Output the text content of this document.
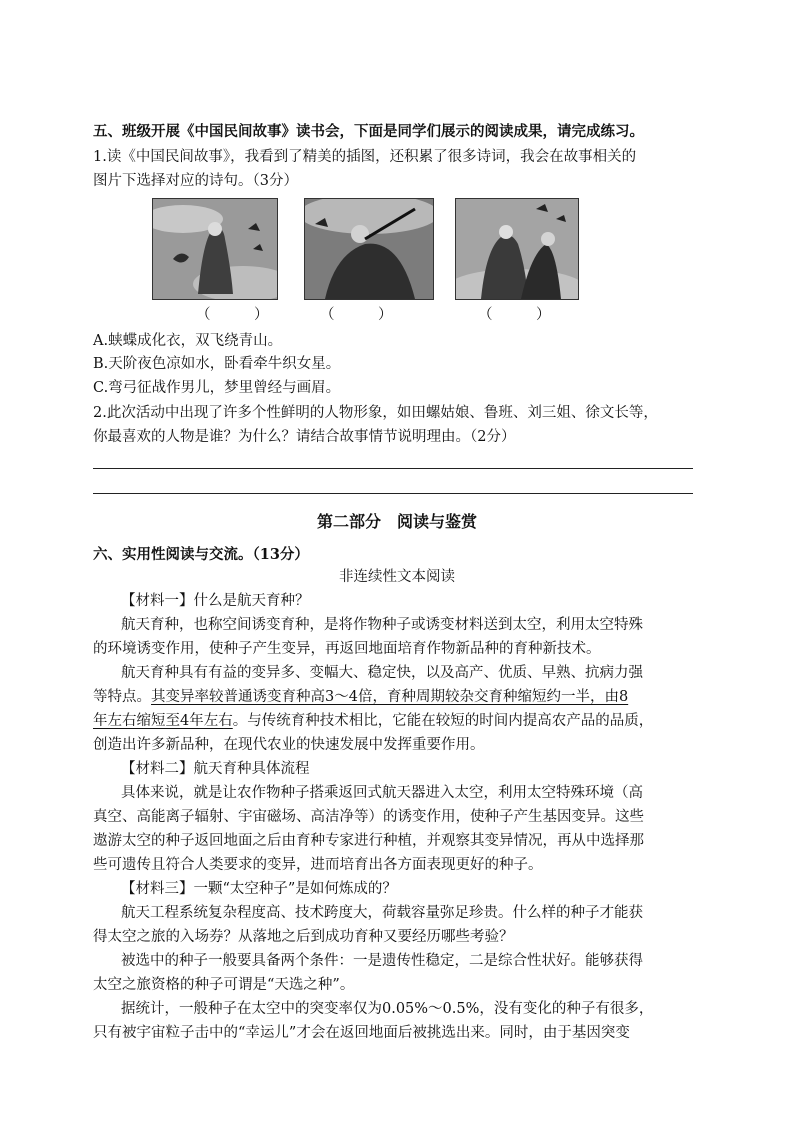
五、班级开展《中国民间故事》读书会，下面是同学们展示的阅读成果，请完成练习。
1.读《中国民间故事》，我看到了精美的插图，还积累了很多诗词，我会在故事相关的
图片下选择对应的诗句。（3分）
（　　　）	（　　　）	（　　　）
A.蛱蝶成化衣，双飞绕青山。
B.天阶夜色凉如水，卧看牵牛织女星。
C.弯弓征战作男儿，梦里曾经与画眉。
2.此次活动中出现了许多个性鲜明的人物形象，如田螺姑娘、鲁班、刘三姐、徐文长等，
你最喜欢的人物是谁？为什么？请结合故事情节说明理由。（2分）
第二部分　阅读与鉴赏
六、实用性阅读与交流。（13分）
非连续性文本阅读
【材料一】什么是航天育种？
航天育种，也称空间诱变育种，是将作物种子或诱变材料送到太空，利用太空特殊
的环境诱变作用，使种子产生变异，再返回地面培育作物新品种的育种新技术。
航天育种具有有益的变异多、变幅大、稳定快，以及高产、优质、早熟、抗病力强
等特点。其变异率较普通诱变育种高3～4倍，育种周期较杂交育种缩短约一半，由8
年左右缩短至4年左右。与传统育种技术相比，它能在较短的时间内提高农产品的品质，
创造出许多新品种，在现代农业的快速发展中发挥重要作用。
【材料二】航天育种具体流程
具体来说，就是让农作物种子搭乘返回式航天器进入太空，利用太空特殊环境（高
真空、高能离子辐射、宇宙磁场、高洁净等）的诱变作用，使种子产生基因变异。这些
遨游太空的种子返回地面之后由育种专家进行种植，并观察其变异情况，再从中选择那
些可遗传且符合人类要求的变异，进而培育出各方面表现更好的种子。
【材料三】一颗“太空种子”是如何炼成的？
航天工程系统复杂程度高、技术跨度大，荷载容量弥足珍贵。什么样的种子才能获
得太空之旅的入场券？从落地之后到成功育种又要经历哪些考验？
被选中的种子一般要具备两个条件：一是遗传性稳定，二是综合性状好。能够获得
太空之旅资格的种子可谓是“天选之种”。
据统计，一般种子在太空中的突变率仅为0.05%～0.5%，没有变化的种子有很多，
只有被宇宙粒子击中的“幸运儿”才会在返回地面后被挑选出来。同时，由于基因突变
